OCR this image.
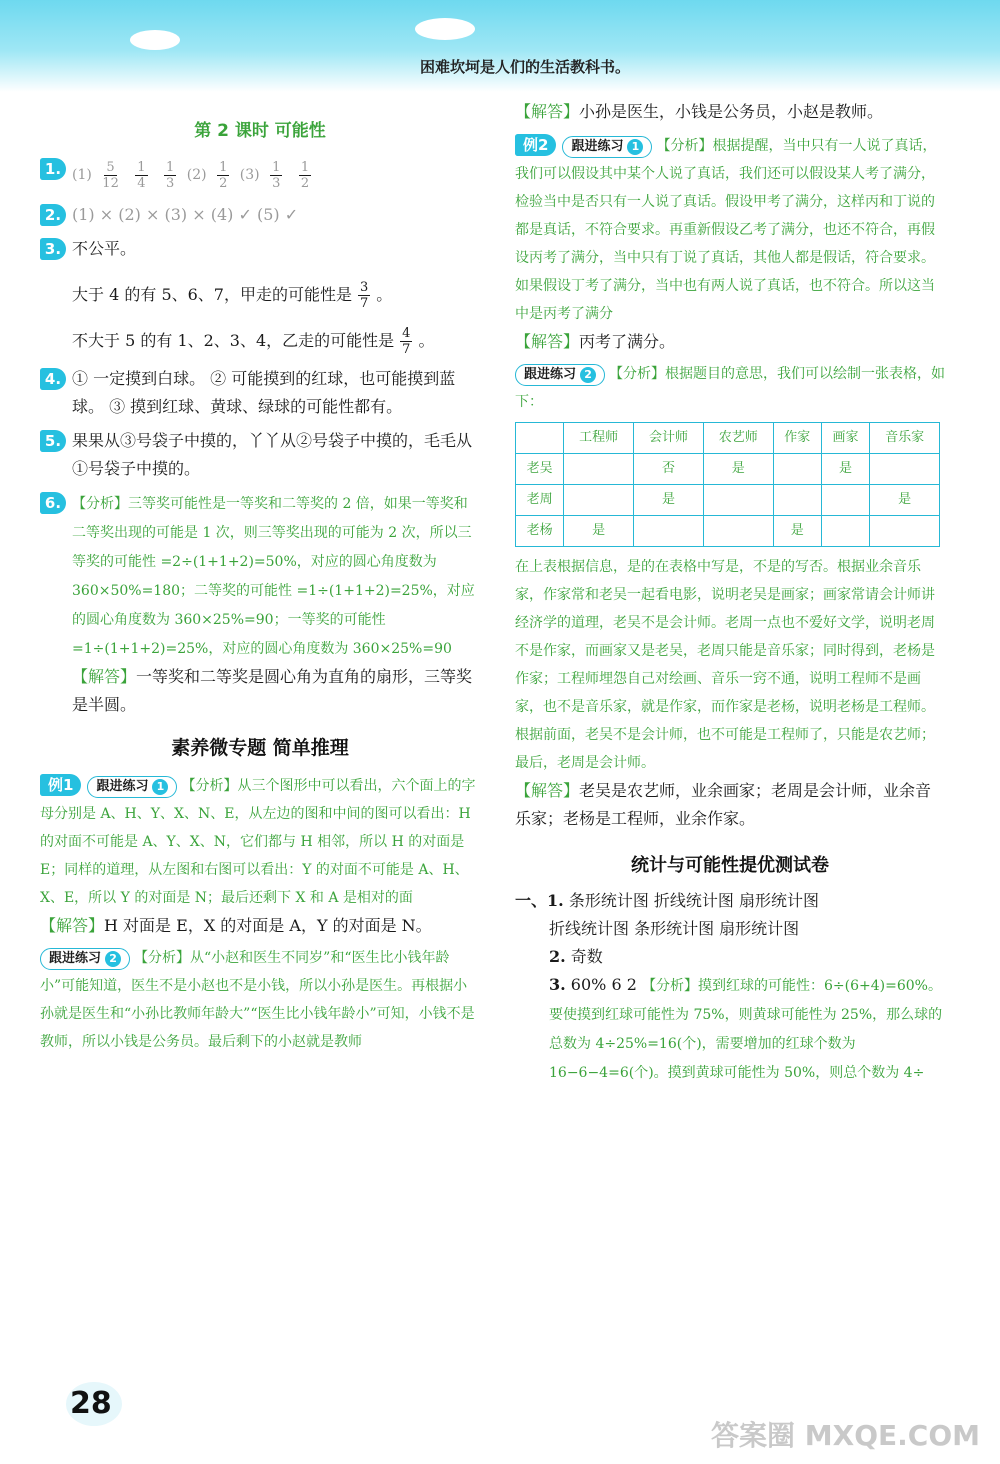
困难坎坷是人们的生活教科书。
第 2 课时 可能性
1. $(1) \frac{5}{12}$
$\frac{1}{4}$
$\frac{1}{3} (2) \frac{1}{2} (3) \frac{1}{3}$
$\frac{1}{2}$
2. (1) × (2) × (3) × (4) ✓ (5) ✓
3. 不公平。
大于 4 的有 5、6、7，甲走的可能性是 $\frac{3}{7}$ 。
不大于 5 的有 1、2、3、4，乙走的可能性是 $\frac{4}{7}$ 。
4. ① 一定摸到白球。 ② 可能摸到的红球，也可能摸到蓝球。 ③ 摸到红球、黄球、绿球的可能性都有。
5. 果果从③号袋子中摸的，丫丫从②号袋子中摸的，毛毛从①号袋子中摸的。
6. 【分析】三等奖可能性是一等奖和二等奖的 2 倍，如果一等奖和二等奖出现的可能是 1 次，则三等奖出现的可能为 2 次，所以三等奖的可能性 =2÷(1+1+2)=50%，对应的圆心角度数为 360×50%=180；二等奖的可能性 =1÷(1+1+2)=25%，对应的圆心角度数为 360×25%=90；一等奖的可能性 =1÷(1+1+2)=25%，对应的圆心角度数为 360×25%=90
【解答】一等奖和二等奖是圆心角为直角的扇形，三等奖是半圆。
素养微专题 简单推理
例1 跟进练习 1 【分析】从三个图形中可以看出，六个面上的字母分别是 A、H、Y、X、N、E，从左边的图和中间的图可以看出：H 的对面不可能是 A、Y、X、N，它们都与 H 相邻，所以 H 的对面是 E；同样的道理，从左图和右图可以看出：Y 的对面不可能是 A、H、X、E，所以 Y 的对面是 N；最后还剩下 X 和 A 是相对的面
【解答】H 对面是 E，X 的对面是 A，Y 的对面是 N。
跟进练习 2 【分析】从“小赵和医生不同岁”和“医生比小钱年龄小”可能知道，医生不是小赵也不是小钱，所以小孙是医生。再根据小孙就是医生和“小孙比教师年龄大”“医生比小钱年龄小”可知，小钱不是教师，所以小钱是公务员。最后剩下的小赵就是教师
【解答】小孙是医生，小钱是公务员，小赵是教师。
例2 跟进练习 1 【分析】根据提醒，当中只有一人说了真话，我们可以假设其中某个人说了真话，我们还可以假设某人考了满分，检验当中是否只有一人说了真话。假设甲考了满分，这样丙和丁说的都是真话，不符合要求。再重新假设乙考了满分，也还不符合，再假设丙考了满分，当中只有丁说了真话，其他人都是假话，符合要求。如果假设丁考了满分，当中也有两人说了真话，也不符合。所以这当中是丙考了满分
【解答】丙考了满分。
跟进练习 2 【分析】根据题目的意思，我们可以绘制一张表格，如下：
	工程师	会计师	农艺师	作家	画家	音乐家
老吴		否	是		是	
老周		是				是
老杨	是			是		
在上表根据信息，是的在表格中写是，不是的写否。根据业余音乐家，作家常和老吴一起看电影，说明老吴是画家；画家常请会计师讲经济学的道理，老吴不是会计师。老周一点也不爱好文学，说明老周不是作家，而画家又是老吴，老周只能是音乐家；同时得到，老杨是作家；工程师埋怨自己对绘画、音乐一窍不通，说明工程师不是画家，也不是音乐家，就是作家，而作家是老杨，说明老杨是工程师。根据前面，老吴不是会计师，也不可能是工程师了，只能是农艺师；最后，老周是会计师。
【解答】老吴是农艺师，业余画家；老周是会计师，业余音乐家；老杨是工程师，业余作家。
统计与可能性提优测试卷
一、1. 条形统计图 折线统计图 扇形统计图
折线统计图 条形统计图 扇形统计图
2. 奇数
3. 60% 6 2 【分析】摸到红球的可能性：6÷(6+4)=60%。要使摸到红球可能性为 75%，则黄球可能性为 25%，那么球的总数为 4÷25%=16(个)，需要增加的红球个数为 16−6−4=6(个)。摸到黄球可能性为 50%，则总个数为 4÷
28
答案圈 MXQE.COM
